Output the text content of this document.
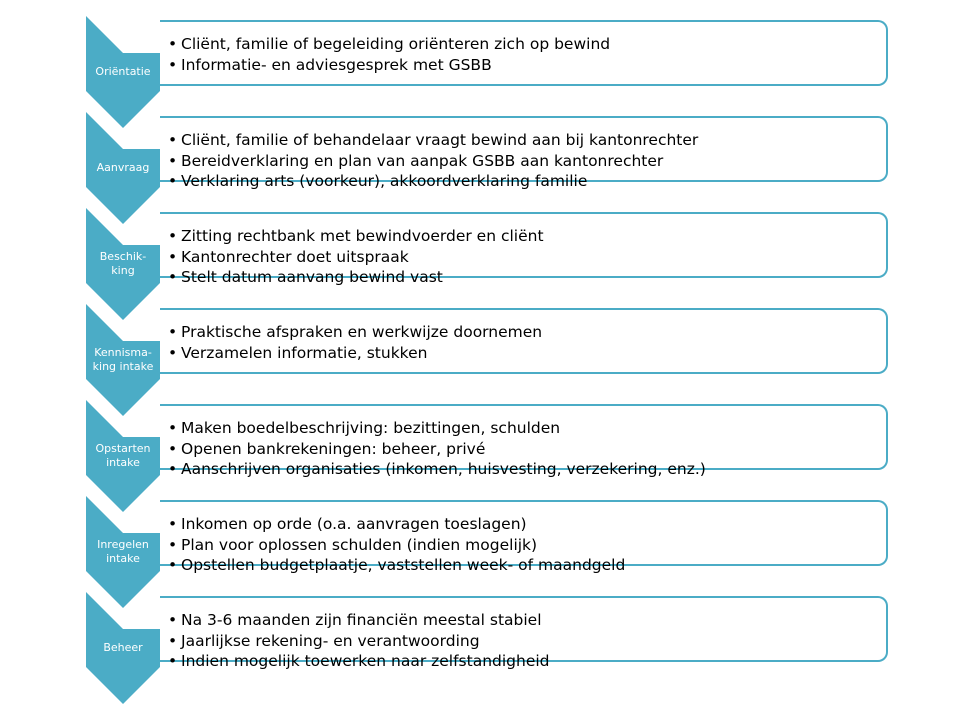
Oriëntatie
• Cliënt, familie of begeleiding oriënteren zich op bewind
• Informatie- en adviesgesprek met GSBB
Aanvraag
• Cliënt, familie of behandelaar vraagt bewind aan bij kantonrechter
• Bereidverklaring en plan van aanpak GSBB aan kantonrechter
• Verklaring arts (voorkeur), akkoordverklaring familie
Beschik-
king
• Zitting rechtbank met bewindvoerder en cliënt
• Kantonrechter doet uitspraak
• Stelt datum aanvang bewind vast
Kennisma-
king intake
• Praktische afspraken en werkwijze doornemen
• Verzamelen informatie, stukken
Opstarten
intake
• Maken boedelbeschrijving: bezittingen, schulden
• Openen bankrekeningen: beheer, privé
• Aanschrijven organisaties (inkomen, huisvesting, verzekering, enz.)
Inregelen
intake
• Inkomen op orde (o.a. aanvragen toeslagen)
• Plan voor oplossen schulden (indien mogelijk)
• Opstellen budgetplaatje, vaststellen week- of maandgeld
Beheer
• Na 3-6 maanden zijn financiën meestal stabiel
• Jaarlijkse rekening- en verantwoording
• Indien mogelijk toewerken naar zelfstandigheid
